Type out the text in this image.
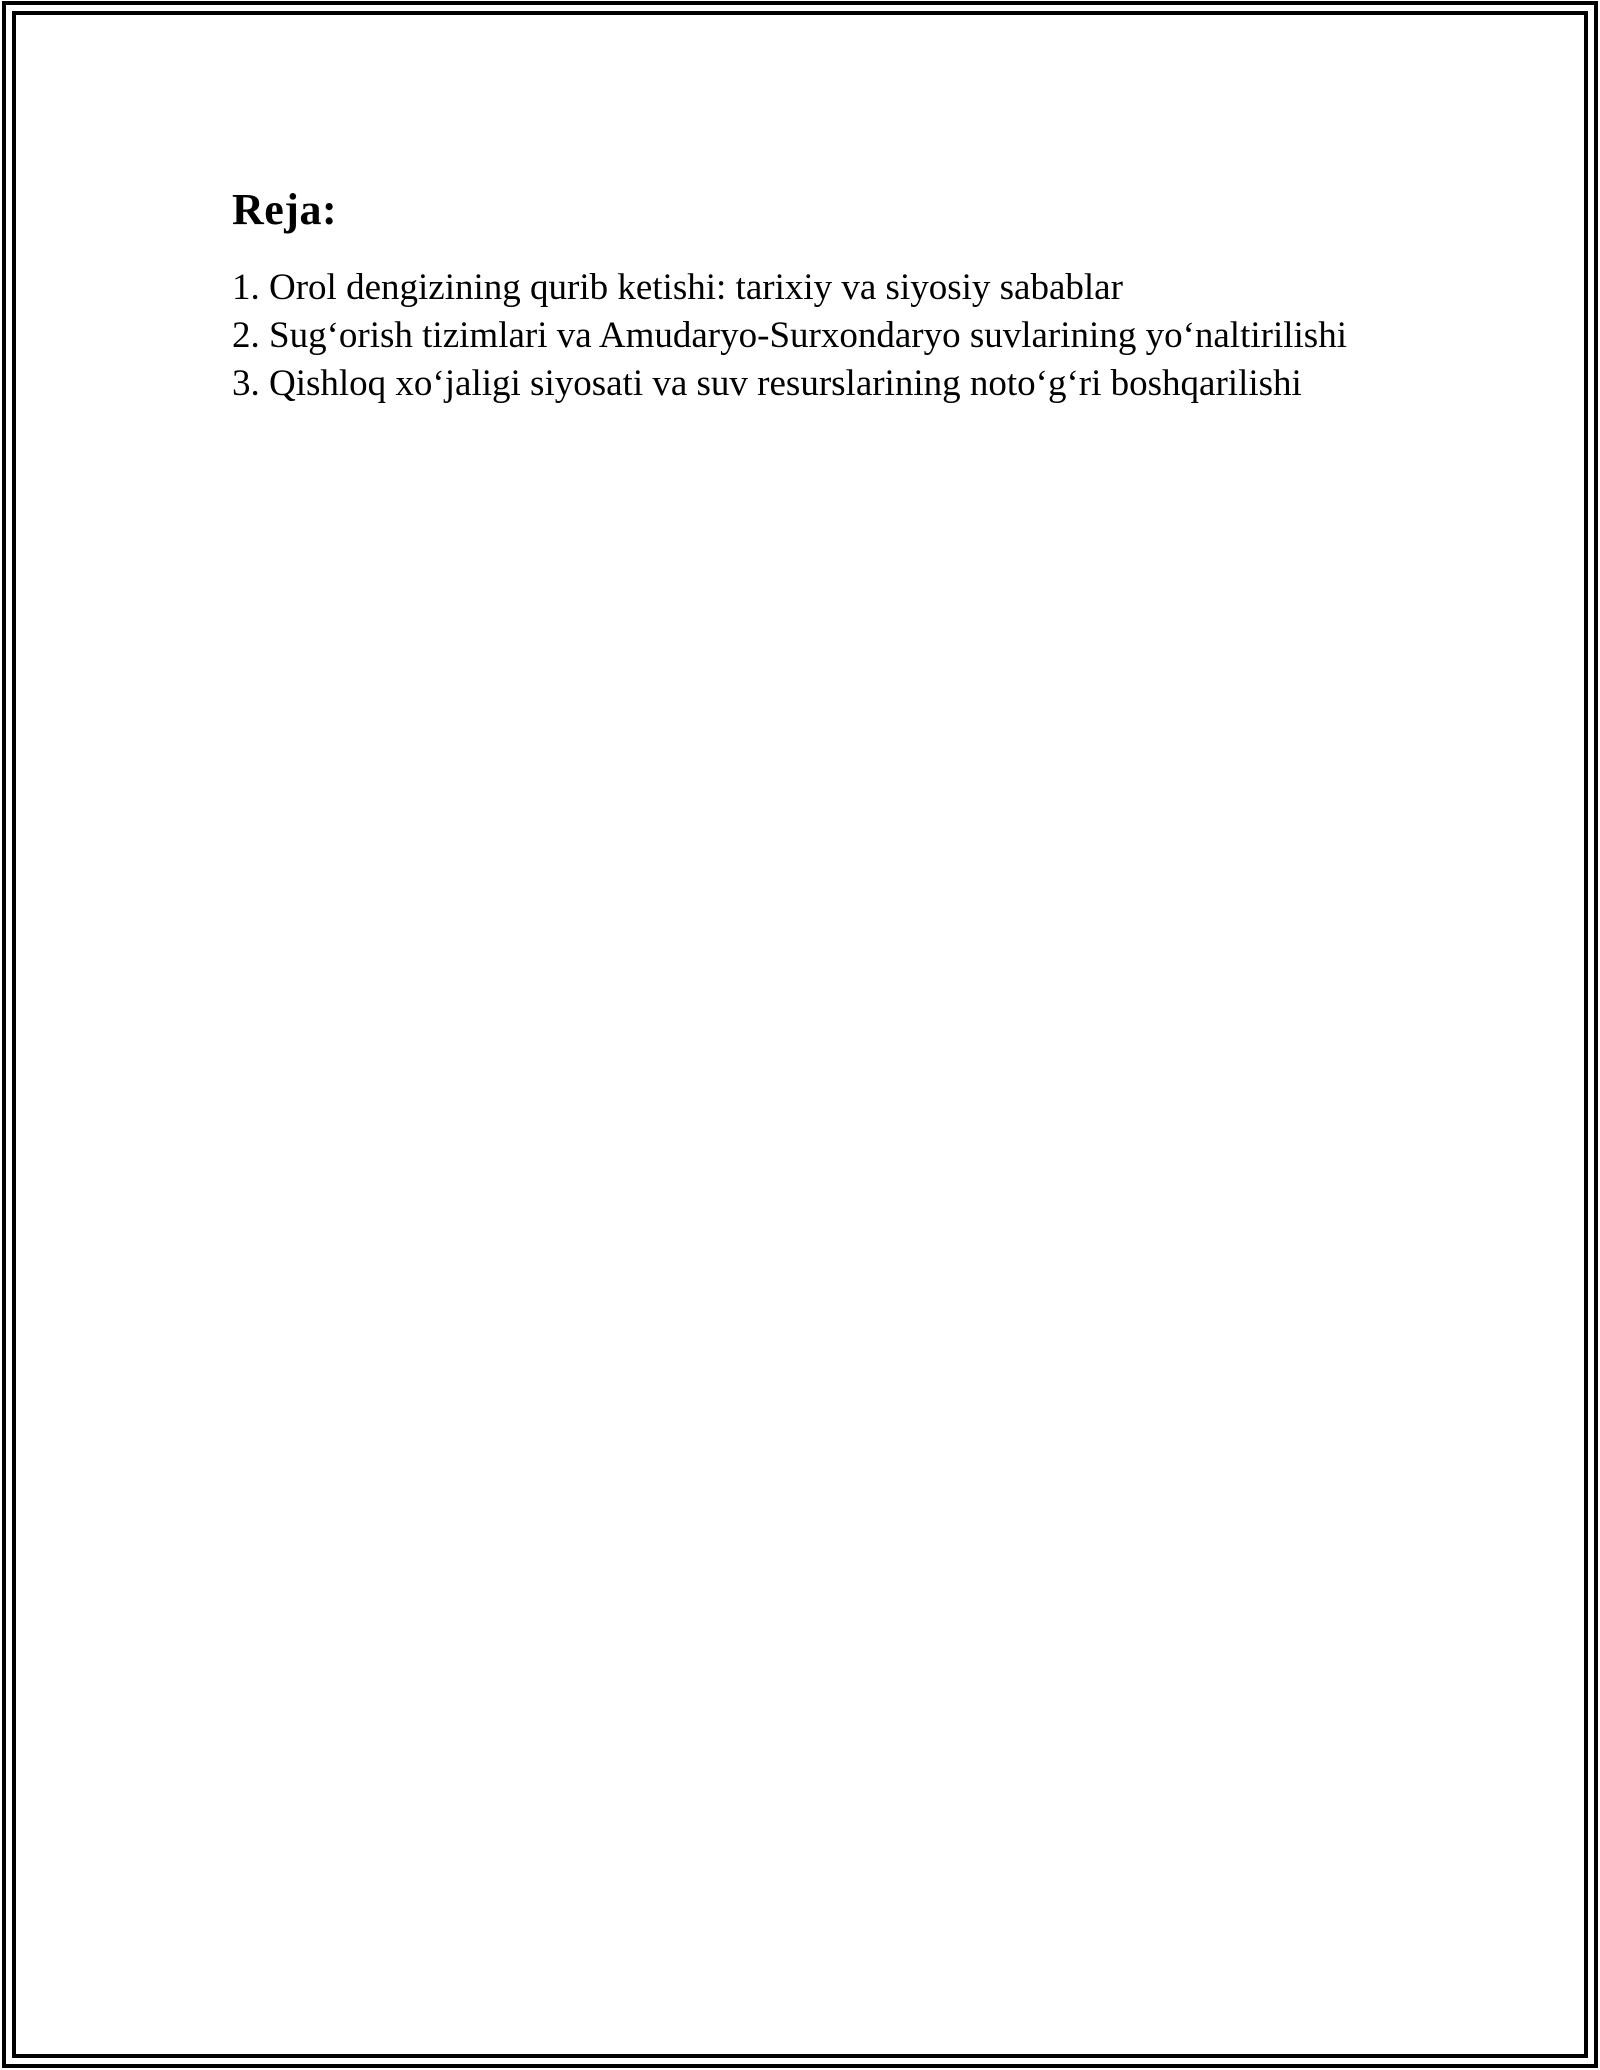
Reja:
1. Orol dengizining qurib ketishi: tarixiy va siyosiy sabablar
2. Sugʻorish tizimlari va Amudaryo-Surxondaryo suvlarining yoʻnaltirilishi
3. Qishloq xoʻjaligi siyosati va suv resurslarining notoʻgʻri boshqarilishi
